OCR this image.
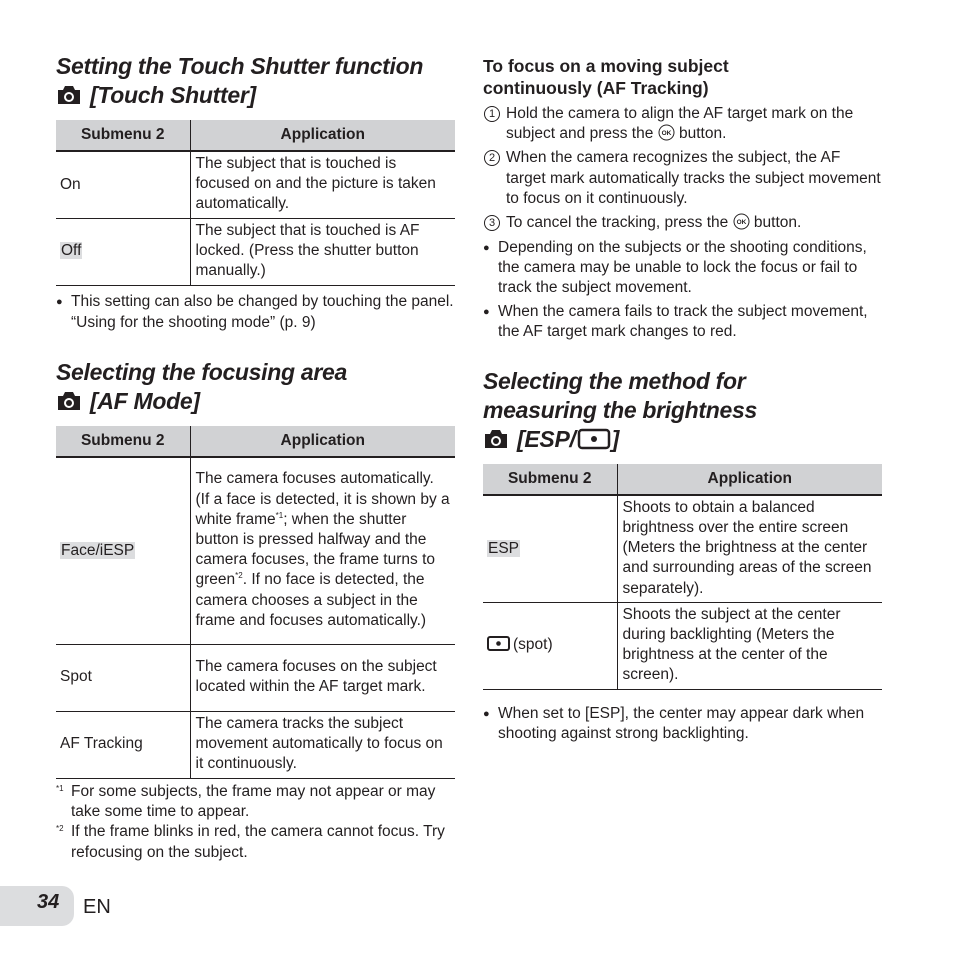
Setting the Touch Shutter function
[Touch Shutter]
Submenu 2	Application
On	The subject that is touched is focused on and the picture is taken automatically.
Off	The subject that is touched is AF locked. (Press the shutter button manually.)
● This setting can also be changed by touching the panel. “Using for the shooting mode” (p. 9)
Selecting the focusing area
[AF Mode]
Submenu 2	Application
Face/iESP	The camera focuses automatically. (If a face is detected, it is shown by a white frame$^{*1}$; when the shutter button is pressed halfway and the camera focuses, the frame turns to green$^{*2}$. If no face is detected, the camera chooses a subject in the frame and focuses automatically.)
Spot	The camera focuses on the subject located within the AF target mark.
AF Tracking	The camera tracks the subject movement automatically to focus on it continuously.
*1 For some subjects, the frame may not appear or may take some time to appear.
*2 If the frame blinks in red, the camera cannot focus. Try refocusing on the subject.
To focus on a moving subject
continuously (AF Tracking)
1 Hold the camera to align the AF target mark on the subject and press the OK button.
2 When the camera recognizes the subject, the AF target mark automatically tracks the subject movement to focus on it continuously.
3 To cancel the tracking, press the OK button.
● Depending on the subjects or the shooting conditions, the camera may be unable to lock the focus or fail to track the subject movement.
● When the camera fails to track the subject movement, the AF target mark changes to red.
Selecting the method for
measuring the brightness
[ESP/ ]
Submenu 2	Application
ESP	Shoots to obtain a balanced brightness over the entire screen (Meters the brightness at the center and surrounding areas of the screen separately).
(spot)	Shoots the subject at the center during backlighting (Meters the brightness at the center of the screen).
● When set to [ESP], the center may appear dark when shooting against strong backlighting.
34 EN
